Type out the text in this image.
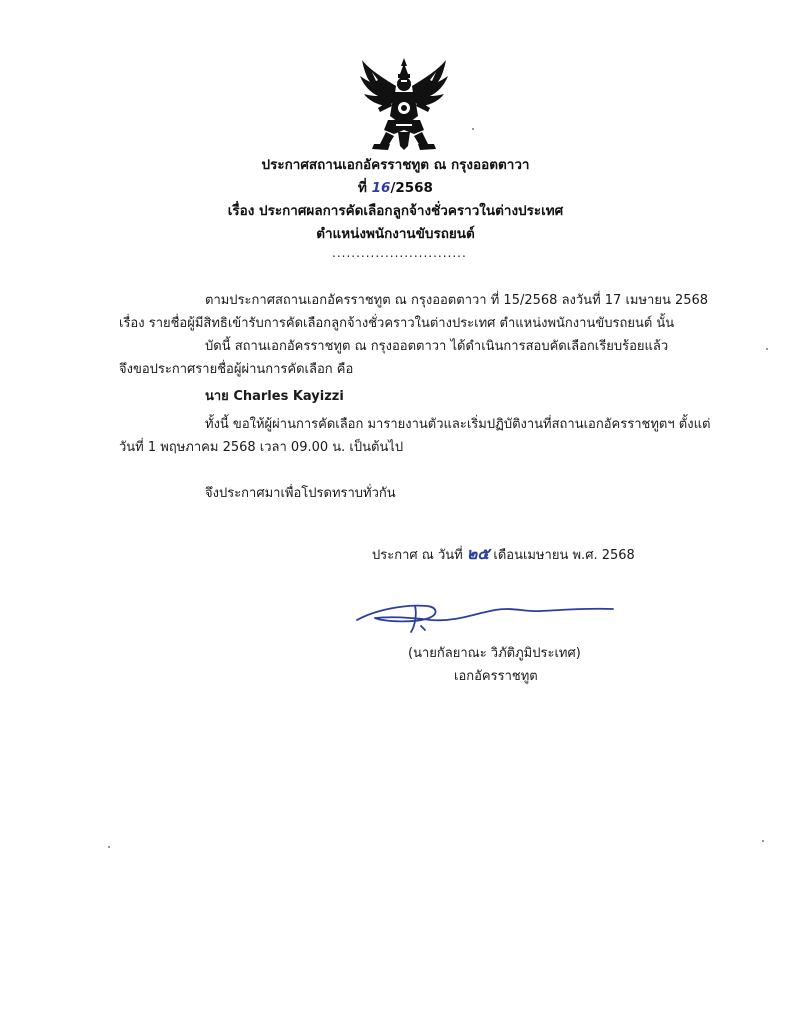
ประกาศสถานเอกอัครราชทูต ณ กรุงออตตาวา
ที่ 16/2568
เรื่อง ประกาศผลการคัดเลือกลูกจ้างชั่วคราวในต่างประเทศ
ตำแหน่งพนักงานขับรถยนต์
............................
ตามประกาศสถานเอกอัครราชทูต ณ กรุงออตตาวา ที่ 15/2568 ลงวันที่ 17 เมษายน 2568
เรื่อง รายชื่อผู้มีสิทธิเข้ารับการคัดเลือกลูกจ้างชั่วคราวในต่างประเทศ ตำแหน่งพนักงานขับรถยนต์ นั้น
บัดนี้ สถานเอกอัครราชทูต ณ กรุงออตตาวา ได้ดำเนินการสอบคัดเลือกเรียบร้อยแล้ว
จึงขอประกาศรายชื่อผู้ผ่านการคัดเลือก คือ
นาย Charles Kayizzi
ทั้งนี้ ขอให้ผู้ผ่านการคัดเลือก มารายงานตัวและเริ่มปฏิบัติงานที่สถานเอกอัครราชทูตฯ ตั้งแต่
วันที่ 1 พฤษภาคม 2568 เวลา 09.00 น. เป็นต้นไป
จึงประกาศมาเพื่อโปรดทราบทั่วกัน
ประกาศ ณ วันที่ ๒๕ เดือนเมษายน พ.ศ. 2568
(นายกัลยาณะ วิภัติภูมิประเทศ)
เอกอัครราชทูต
